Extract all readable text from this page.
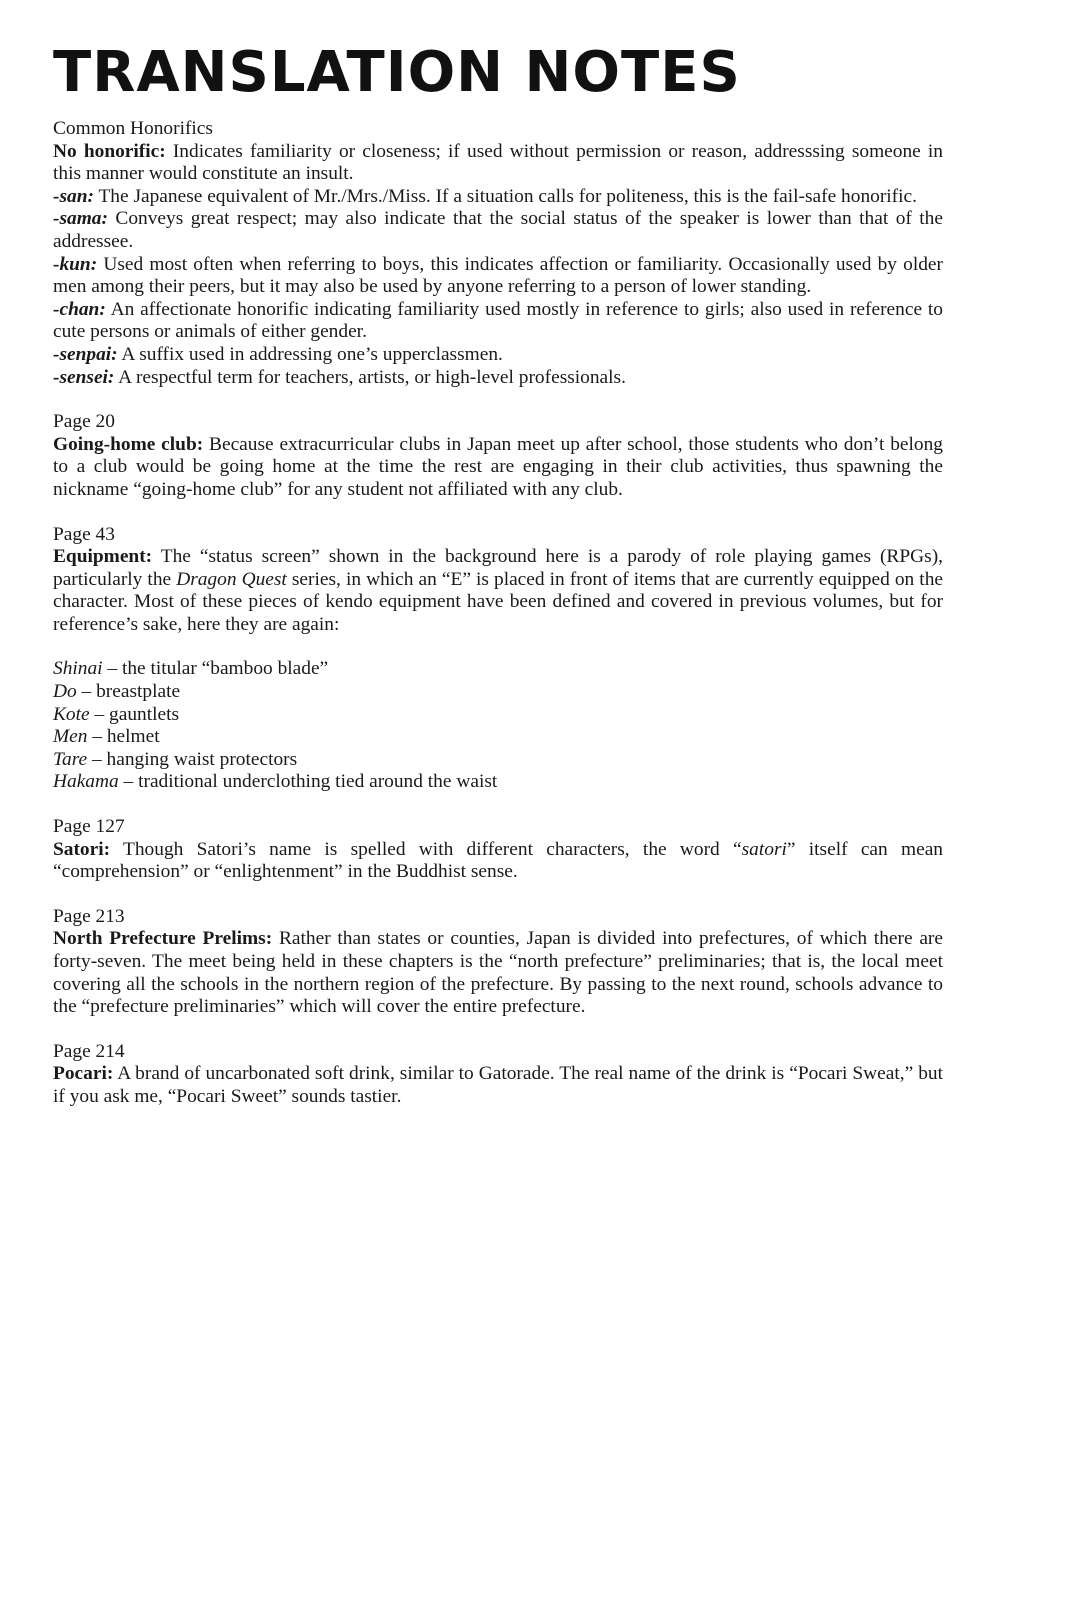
TRANSLATION NOTES
Common Honorifics

No honorific: Indicates familiarity or closeness; if used without permission or reason, addresssing someone in this manner would constitute an insult.

-san: The Japanese equivalent of Mr./Mrs./Miss. If a situation calls for politeness, this is the fail-safe honorific.

-sama: Conveys great respect; may also indicate that the social status of the speaker is lower than that of the addressee.

-kun: Used most often when referring to boys, this indicates affection or familiarity. Occasionally used by older men among their peers, but it may also be used by anyone referring to a person of lower standing.

-chan: An affectionate honorific indicating familiarity used mostly in reference to girls; also used in reference to cute persons or animals of either gender.

-senpai: A suffix used in addressing one’s upperclassmen.

-sensei: A respectful term for teachers, artists, or high-level professionals.

Page 20

Going-home club: Because extracurricular clubs in Japan meet up after school, those students who don’t belong to a club would be going home at the time the rest are engaging in their club activities, thus spawning the nickname “going-home club” for any student not affiliated with any club.

Page 43

Equipment: The “status screen” shown in the background here is a parody of role playing games (RPGs), particularly the Dragon Quest series, in which an “E” is placed in front of items that are currently equipped on the character. Most of these pieces of kendo equipment have been defined and covered in previous volumes, but for reference’s sake, here they are again:

Shinai – the titular “bamboo blade”
Do – breastplate
Kote – gauntlets
Men – helmet
Tare – hanging waist protectors
Hakama – traditional underclothing tied around the waist
Page 127

Satori: Though Satori’s name is spelled with different characters, the word “satori” itself can mean “comprehension” or “enlightenment” in the Buddhist sense.

Page 213

North Prefecture Prelims: Rather than states or counties, Japan is divided into prefectures, of which there are forty-seven. The meet being held in these chapters is the “north prefecture” preliminaries; that is, the local meet covering all the schools in the northern region of the prefecture. By passing to the next round, schools advance to the “prefecture preliminaries” which will cover the entire prefecture.

Page 214

Pocari: A brand of uncarbonated soft drink, similar to Gatorade. The real name of the drink is “Pocari Sweat,” but if you ask me, “Pocari Sweet” sounds tastier.
